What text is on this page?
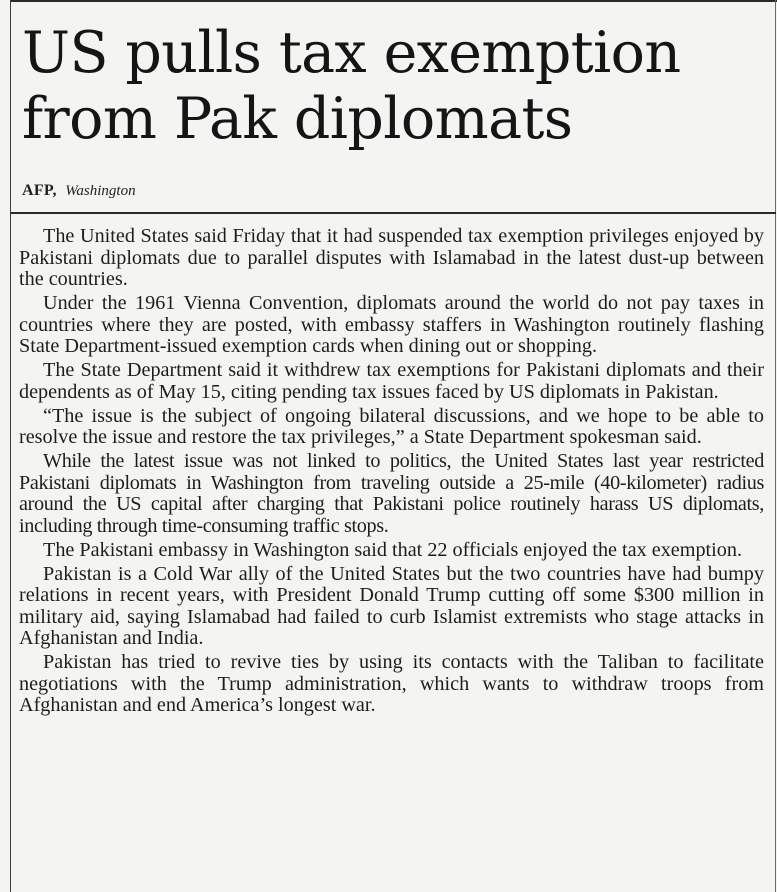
US pulls tax exemption
from Pak diplomats
AFP, Washington

The United States said Friday that it had suspended tax exemption privileges enjoyed by Pakistani diplomats due to parallel disputes with Islamabad in the latest dust-up between the countries.

Under the 1961 Vienna Convention, diplomats around the world do not pay taxes in countries where they are posted, with embassy staffers in Washington routinely flashing State Department-issued exemption cards when dining out or shopping.

The State Department said it withdrew tax exemptions for Pakistani diplomats and their dependents as of May 15, citing pending tax issues faced by US diplomats in Pakistan.

“The issue is the subject of ongoing bilateral discussions, and we hope to be able to resolve the issue and restore the tax privileges,” a State Department spokesman said.

While the latest issue was not linked to politics, the United States last year restricted Pakistani diplomats in Washington from traveling outside a 25-mile (40-kilometer) radius around the US capital after charging that Pakistani police routinely harass US diplomats, including through time-consuming traffic stops.

The Pakistani embassy in Washington said that 22 officials enjoyed the tax exemption.

Pakistan is a Cold War ally of the United States but the two countries have had bumpy relations in recent years, with President Donald Trump cutting off some $300 million in military aid, saying Islamabad had failed to curb Islamist extremists who stage attacks in Afghanistan and India.

Pakistan has tried to revive ties by using its contacts with the Taliban to facilitate negotiations with the Trump administration, which wants to withdraw troops from Afghanistan and end America’s longest war.
